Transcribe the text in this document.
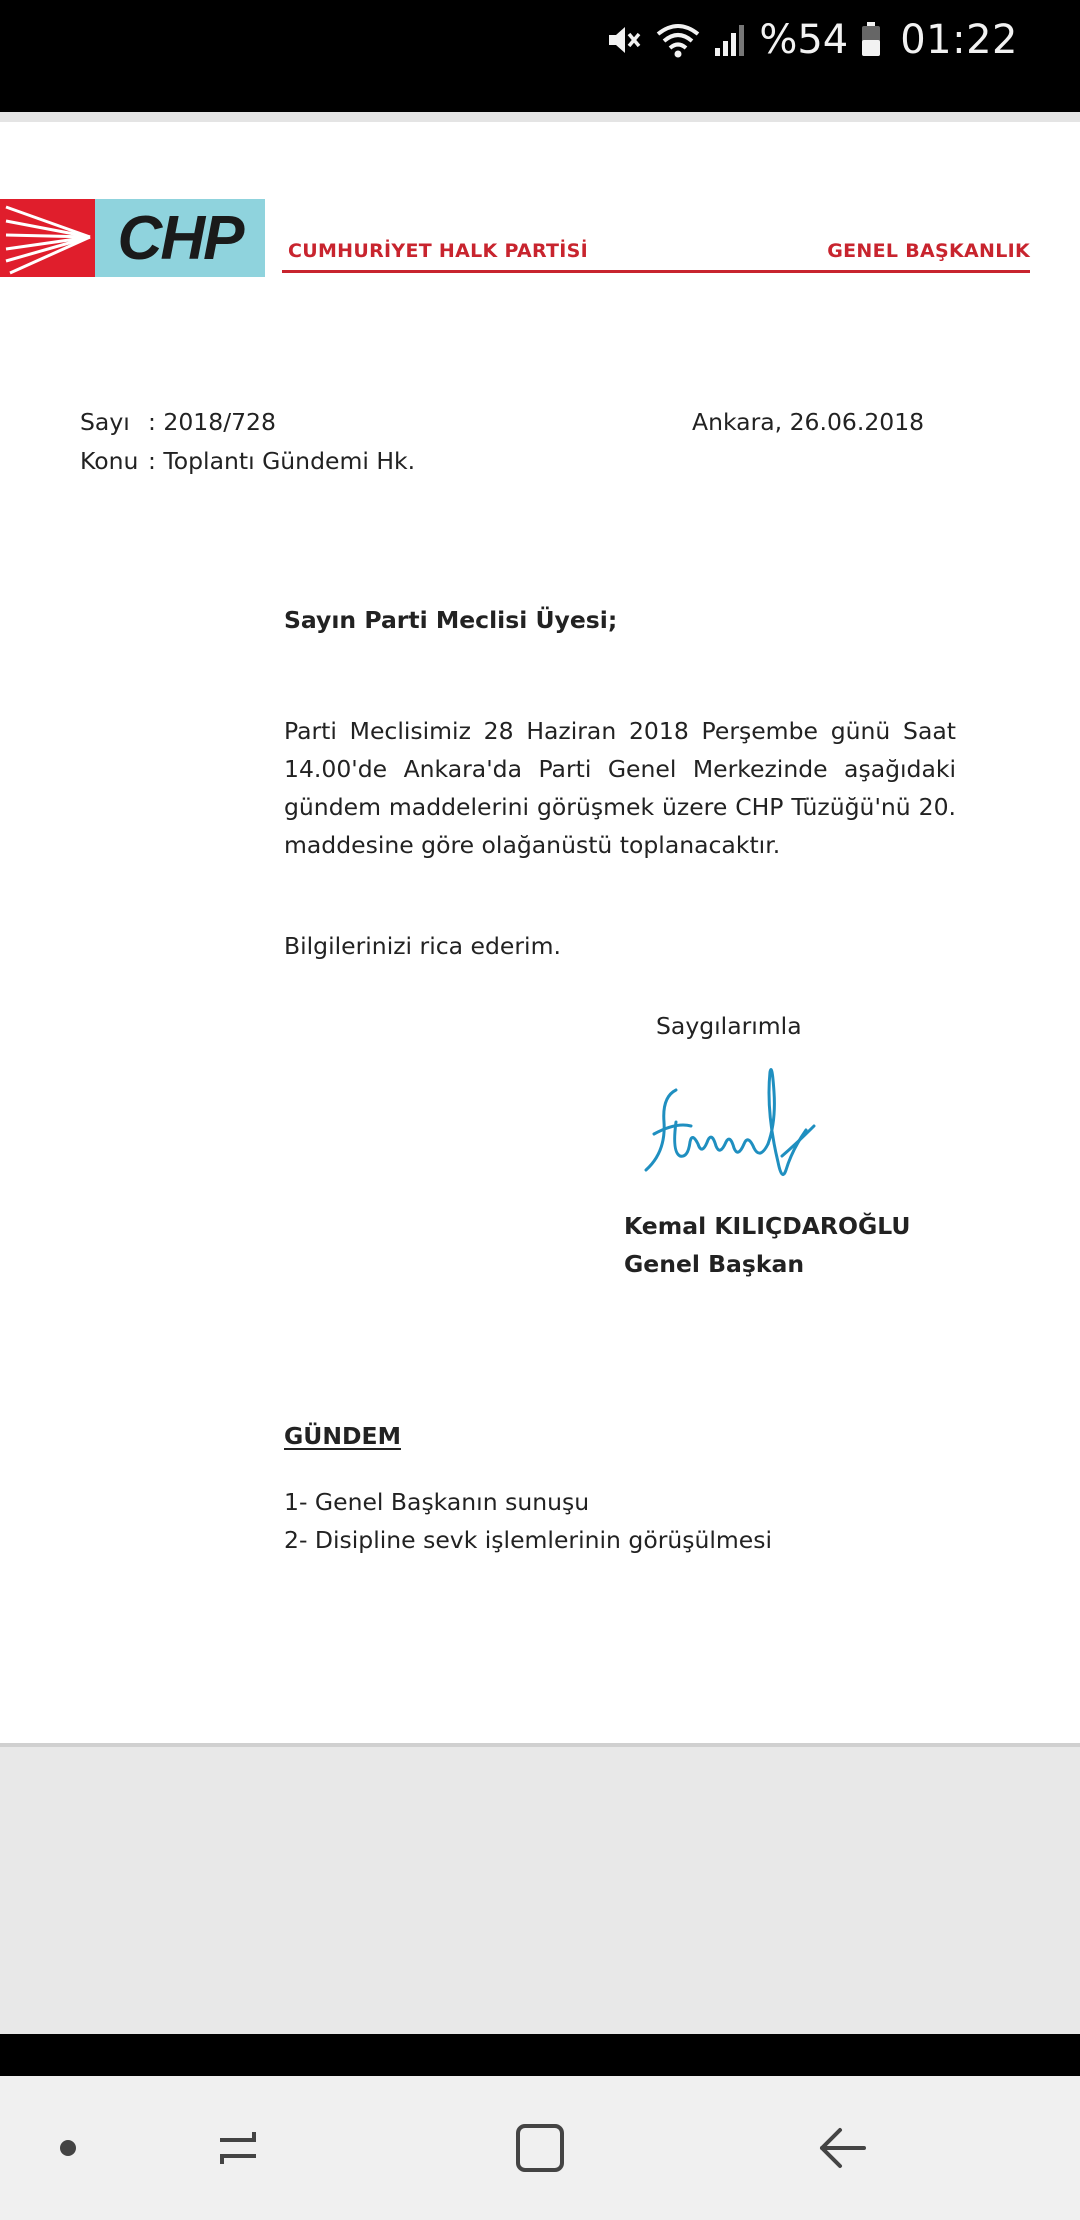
%54 01:22
CHP	CUMHURİYET HALK PARTİSİ	GENEL BAŞKANLIK
Sayı : 2018/728
Konu : Toplantı Gündemi Hk.
Ankara, 26.06.2018
Sayın Parti Meclisi Üyesi;
Parti Meclisimiz 28 Haziran 2018 Perşembe günü Saat 14.00'de Ankara'da Parti Genel Merkezinde aşağıdaki gündem maddelerini görüşmek üzere CHP Tüzüğü'nü 20. maddesine göre olağanüstü toplanacaktır.
Bilgilerinizi rica ederim.
Saygılarımla
Kemal KILIÇDAROĞLU
Genel Başkan
GÜNDEM
1- Genel Başkanın sunuşu
2- Disipline sevk işlemlerinin görüşülmesi
